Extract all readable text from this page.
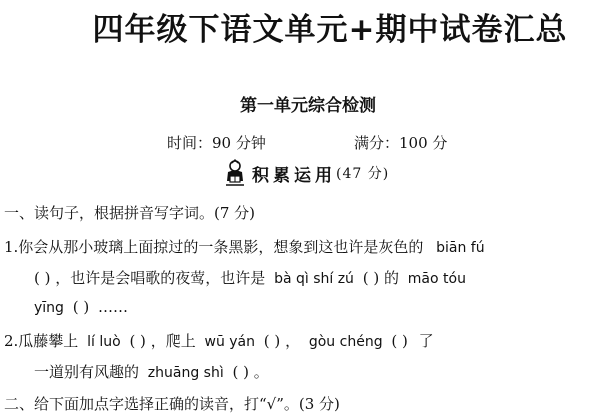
四年级下语文单元+期中试卷汇总
第一单元综合检测
时间：90 分钟	满分：100 分
积累运用 (47 分)
一、读句子，根据拼音写字词。(7 分)
1.你会从那小玻璃上面掠过的一条黑影，想象到这也许是灰色的 biān fú
( ) ，也许是会唱歌的夜莺，也许是 bà qì shí zú ( ) 的 māo tóu
yīng ( ) ……
2.瓜藤攀上 lí luò ( ) ，爬上 wū yán ( ) ， gòu chéng ( ) 了
一道别有风趣的 zhuāng shì ( ) 。
二、给下面加点字选择正确的读音，打“√”。(3 分)
